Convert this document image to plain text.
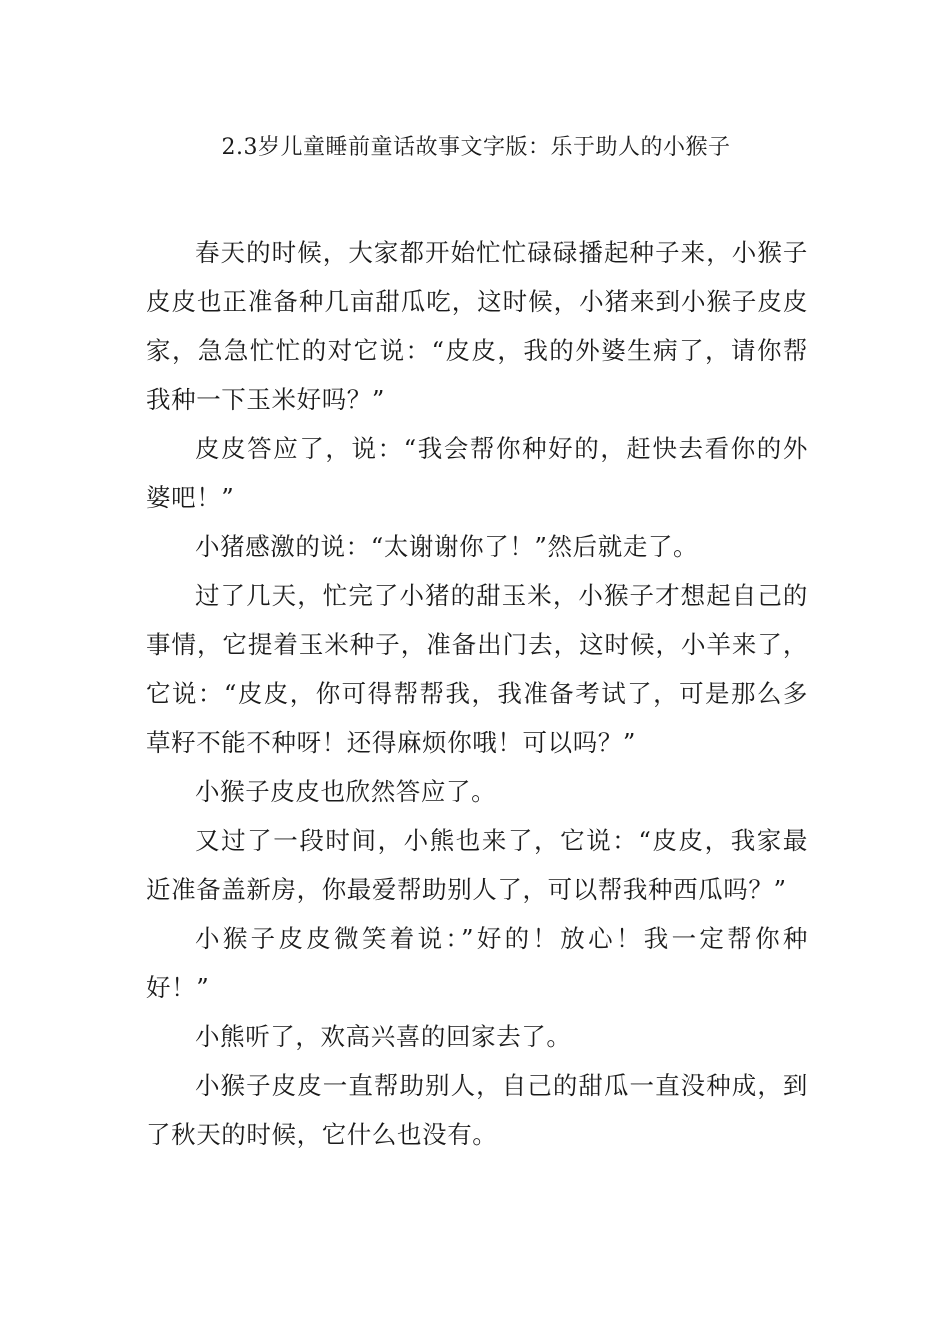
2.3岁儿童睡前童话故事文字版：乐于助人的小猴子

春天的时候，大家都开始忙忙碌碌播起种子来，小猴子皮皮也正准备种几亩甜瓜吃，这时候，小猪来到小猴子皮皮家，急急忙忙的对它说：“皮皮，我的外婆生病了，请你帮我种一下玉米好吗？”

皮皮答应了，说：“我会帮你种好的，赶快去看你的外婆吧！”

小猪感激的说：“太谢谢你了！”然后就走了。

过了几天，忙完了小猪的甜玉米，小猴子才想起自己的事情，它提着玉米种子，准备出门去，这时候，小羊来了，它说：“皮皮，你可得帮帮我，我准备考试了，可是那么多草籽不能不种呀！还得麻烦你哦！可以吗？”

小猴子皮皮也欣然答应了。

又过了一段时间，小熊也来了，它说：“皮皮，我家最近准备盖新房，你最爱帮助别人了，可以帮我种西瓜吗？”

小猴子皮皮微笑着说：”好的！放心！我一定帮你种好！”

小熊听了，欢高兴喜的回家去了。

小猴子皮皮一直帮助别人，自己的甜瓜一直没种成，到了秋天的时候，它什么也没有。
